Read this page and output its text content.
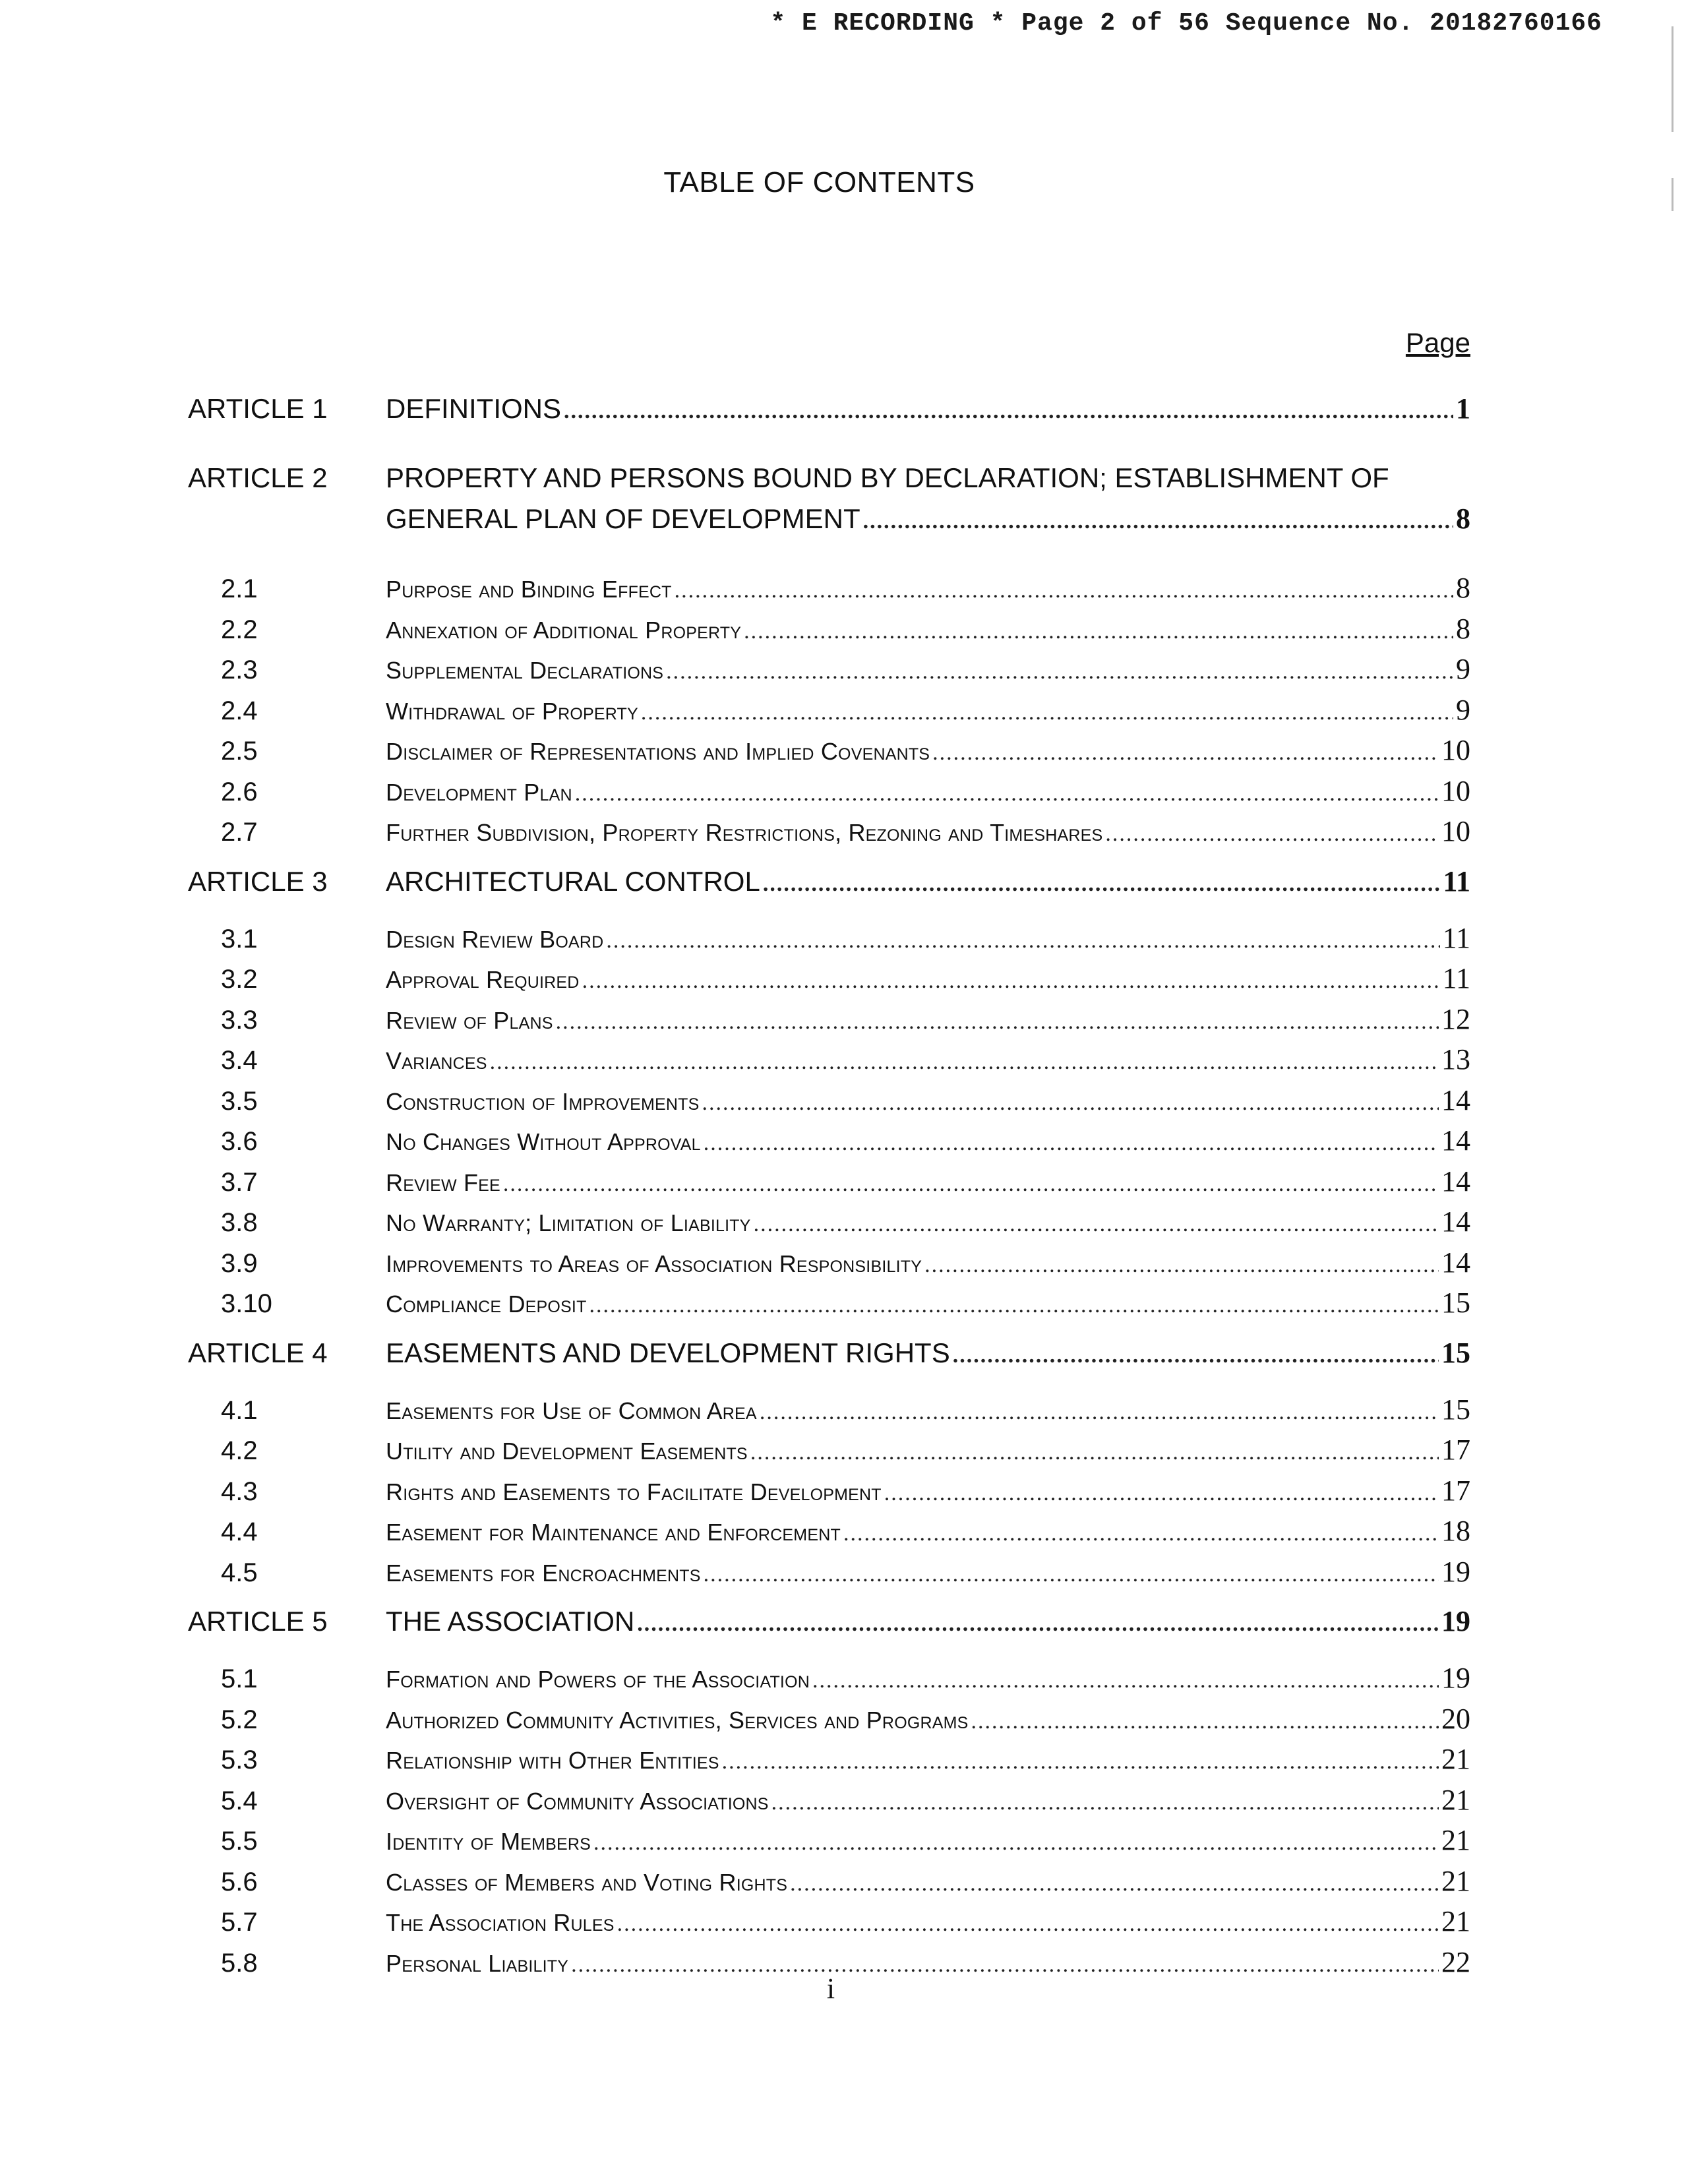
* E RECORDING * Page 2 of 56 Sequence No. 20182760166
TABLE OF CONTENTS
Page
ARTICLE 1	DEFINITIONS .....	1
ARTICLE 2	PROPERTY AND PERSONS BOUND BY DECLARATION; ESTABLISHMENT OF
GENERAL PLAN OF DEVELOPMENT .....	8
2.1	Purpose and Binding Effect .....	8
2.2	Annexation of Additional Property .....	8
2.3	Supplemental Declarations .....	9
2.4	Withdrawal of Property .....	9
2.5	Disclaimer of Representations and Implied Covenants .....	10
2.6	Development Plan .....	10
2.7	Further Subdivision, Property Restrictions, Rezoning and Timeshares .....	10
ARTICLE 3	ARCHITECTURAL CONTROL .....	11
3.1	Design Review Board .....	11
3.2	Approval Required .....	11
3.3	Review of Plans .....	12
3.4	Variances .....	13
3.5	Construction of Improvements .....	14
3.6	No Changes Without Approval .....	14
3.7	Review Fee .....	14
3.8	No Warranty; Limitation of Liability .....	14
3.9	Improvements to Areas of Association Responsibility .....	14
3.10	Compliance Deposit .....	15
ARTICLE 4	EASEMENTS AND DEVELOPMENT RIGHTS .....	15
4.1	Easements for Use of Common Area .....	15
4.2	Utility and Development Easements .....	17
4.3	Rights and Easements to Facilitate Development .....	17
4.4	Easement for Maintenance and Enforcement .....	18
4.5	Easements for Encroachments .....	19
ARTICLE 5	THE ASSOCIATION .....	19
5.1	Formation and Powers of the Association .....	19
5.2	Authorized Community Activities, Services and Programs .....	20
5.3	Relationship with Other Entities .....	21
5.4	Oversight of Community Associations .....	21
5.5	Identity of Members .....	21
5.6	Classes of Members and Voting Rights .....	21
5.7	The Association Rules .....	21
5.8	Personal Liability .....	22
i
